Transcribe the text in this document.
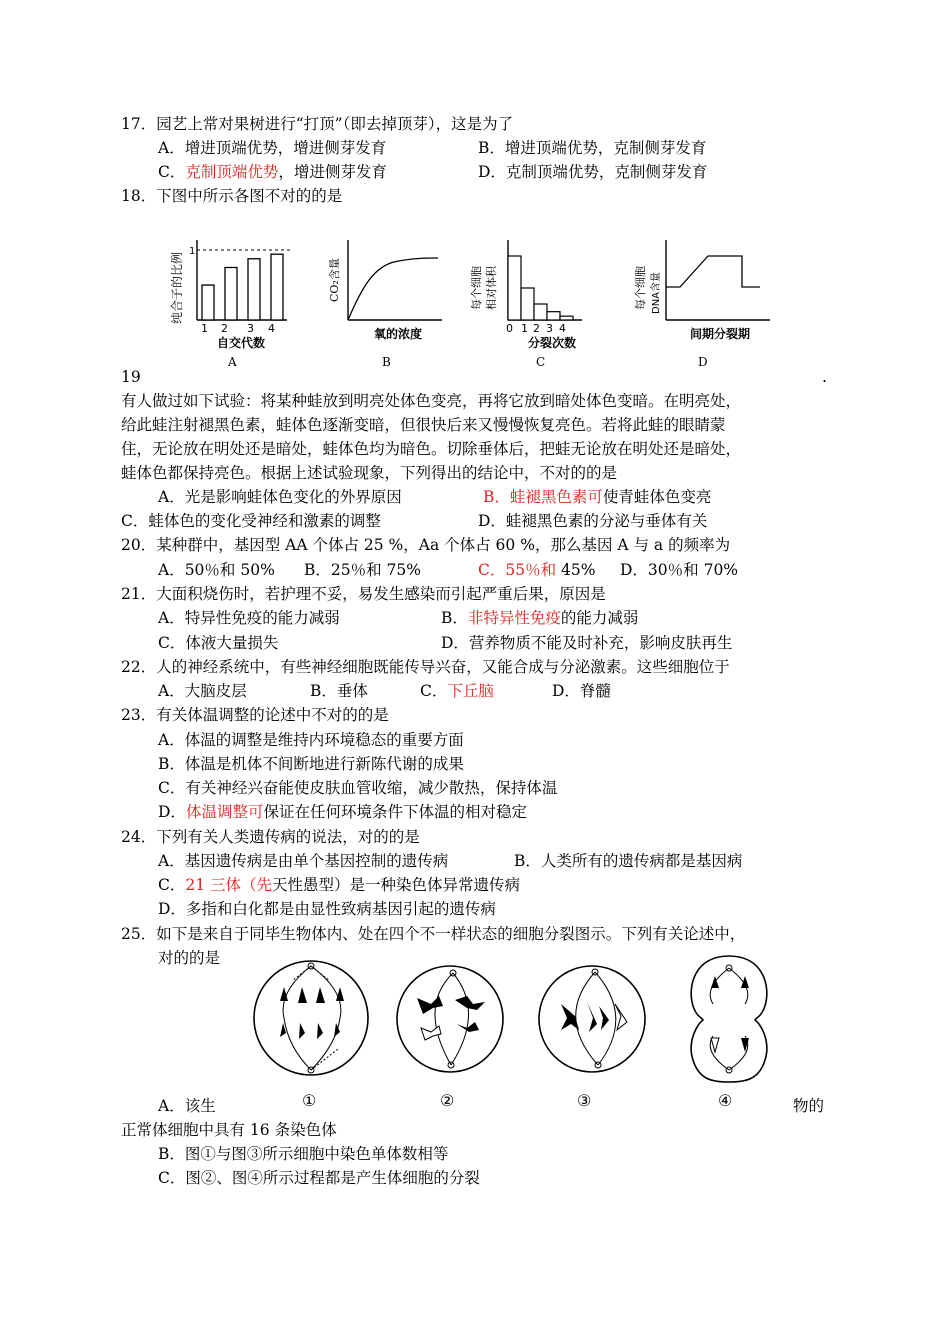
17．园艺上常对果树进行“打顶”（即去掉顶芽），这是为了
A．增进顶端优势，增进侧芽发育	B．增进顶端优势，克制侧芽发育
C．克制顶端优势，增进侧芽发育	D．克制顶端优势，克制侧芽发育
18．下图中所示各图不对的的是
1
1 2 3 4
自交代数
A
纯合子的比例
氧的浓度
B
CO₂含量
0 1 2 3 4
分裂次数
C
每个细胞 相对体积
间期分裂期
D
每个细胞 DNA含量
19	.
有人做过如下试验：将某种蛙放到明亮处体色变亮，再将它放到暗处体色变暗。在明亮处，
给此蛙注射褪黑色素，蛙体色逐渐变暗，但很快后来又慢慢恢复亮色。若将此蛙的眼睛蒙
住，无论放在明处还是暗处，蛙体色均为暗色。切除垂体后，把蛙无论放在明处还是暗处，
蛙体色都保持亮色。根据上述试验现象，下列得出的结论中，不对的的是
A．光是影响蛙体色变化的外界原因	B．蛙褪黑色素可使青蛙体色变亮
C．蛙体色的变化受神经和激素的调整	D．蛙褪黑色素的分泌与垂体有关
20．某种群中，基因型 AA 个体占 25 %，Aa 个体占 60 %，那么基因 A 与 a 的频率为
A．50％和 50% B．25％和 75%	C．55％和 45% D．30％和 70%
21．大面积烧伤时，若护理不妥，易发生感染而引起严重后果，原因是
A．特异性免疫的能力减弱	B．非特异性免疫的能力减弱
C．体液大量损失	D．营养物质不能及时补充，影响皮肤再生
22．人的神经系统中，有些神经细胞既能传导兴奋，又能合成与分泌激素。这些细胞位于
A．大脑皮层	B．垂体	C．下丘脑	D．脊髓
23．有关体温调整的论述中不对的的是
A．体温的调整是维持内环境稳态的重要方面
B．体温是机体不间断地进行新陈代谢的成果
C．有关神经兴奋能使皮肤血管收缩，减少散热，保持体温
D．体温调整可保证在任何环境条件下体温的相对稳定
24．下列有关人类遗传病的说法，对的的是
A．基因遗传病是由单个基因控制的遗传病	B．人类所有的遗传病都是基因病
C．21 三体（先天性愚型）是一种染色体异常遗传病
D．多指和白化都是由显性致病基因引起的遗传病
25．如下是来自于同毕生物体内、处在四个不一样状态的细胞分裂图示。下列有关论述中，
对的的是
A．该生	①	②	③	④	物的
正常体细胞中具有 16 条染色体
B．图①与图③所示细胞中染色单体数相等
C．图②、图④所示过程都是产生体细胞的分裂
